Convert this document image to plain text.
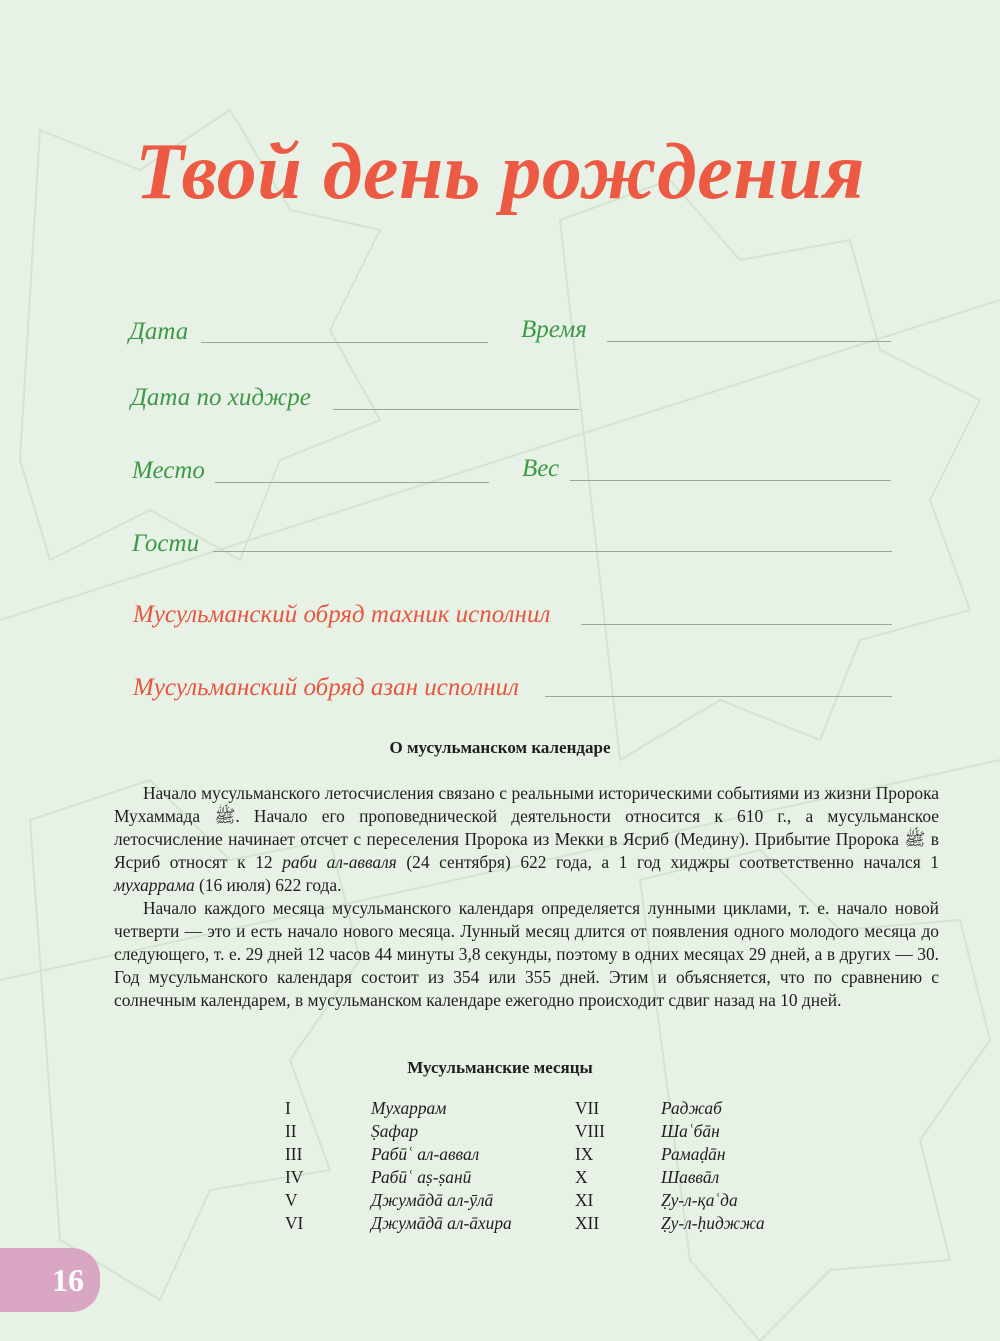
Твой день рождения
Дата	Время
Дата по хиджре
Место	Вес
Гости
Мусульманский обряд тахник исполнил
Мусульманский обряд азан исполнил
О мусульманском календаре

Начало мусульманского летосчисления связано с реальными историческими событиями из жизни Пророка Мухаммада ﷺ. Начало его проповеднической деятельности относится к 610 г., а мусульманское летосчисление начинает отсчет с переселения Пророка из Мекки в Ясриб (Медину). Прибытие Пророка ﷺ в Ясриб относят к 12 раби ал-авваля (24 сентября) 622 года, а 1 год хиджры соответственно начался 1 мухаррама (16 июля) 622 года.

Начало каждого месяца мусульманского календаря определяется лунными циклами, т. е. начало новой четверти — это и есть начало нового месяца. Лунный месяц длится от появления одного молодого месяца до следующего, т. е. 29 дней 12 часов 44 минуты 3,8 секунды, поэтому в одних месяцах 29 дней, а в других — 30. Год мусульманского календаря состоит из 354 или 355 дней. Этим и объясняется, что по сравнению с солнечным календарем, в мусульманском календаре ежегодно происходит сдвиг назад на 10 дней.

Мусульманские месяцы
I	Мухаррам	VII	Раджаб
II	Ṣафар	VIII	Шаʿбāн
III	Рабӣʿ ал-аввал	IX	Рамаḍāн
IV	Рабӣʿ аṣ-ṣанӣ	X	Шаввāл
V	Джумāдā ал-ӯлā	XI	Ẓу-л-қаʿда
VI	Джумāдā ал-āхира	XII	Ẓу-л-ḥиджжа
16
